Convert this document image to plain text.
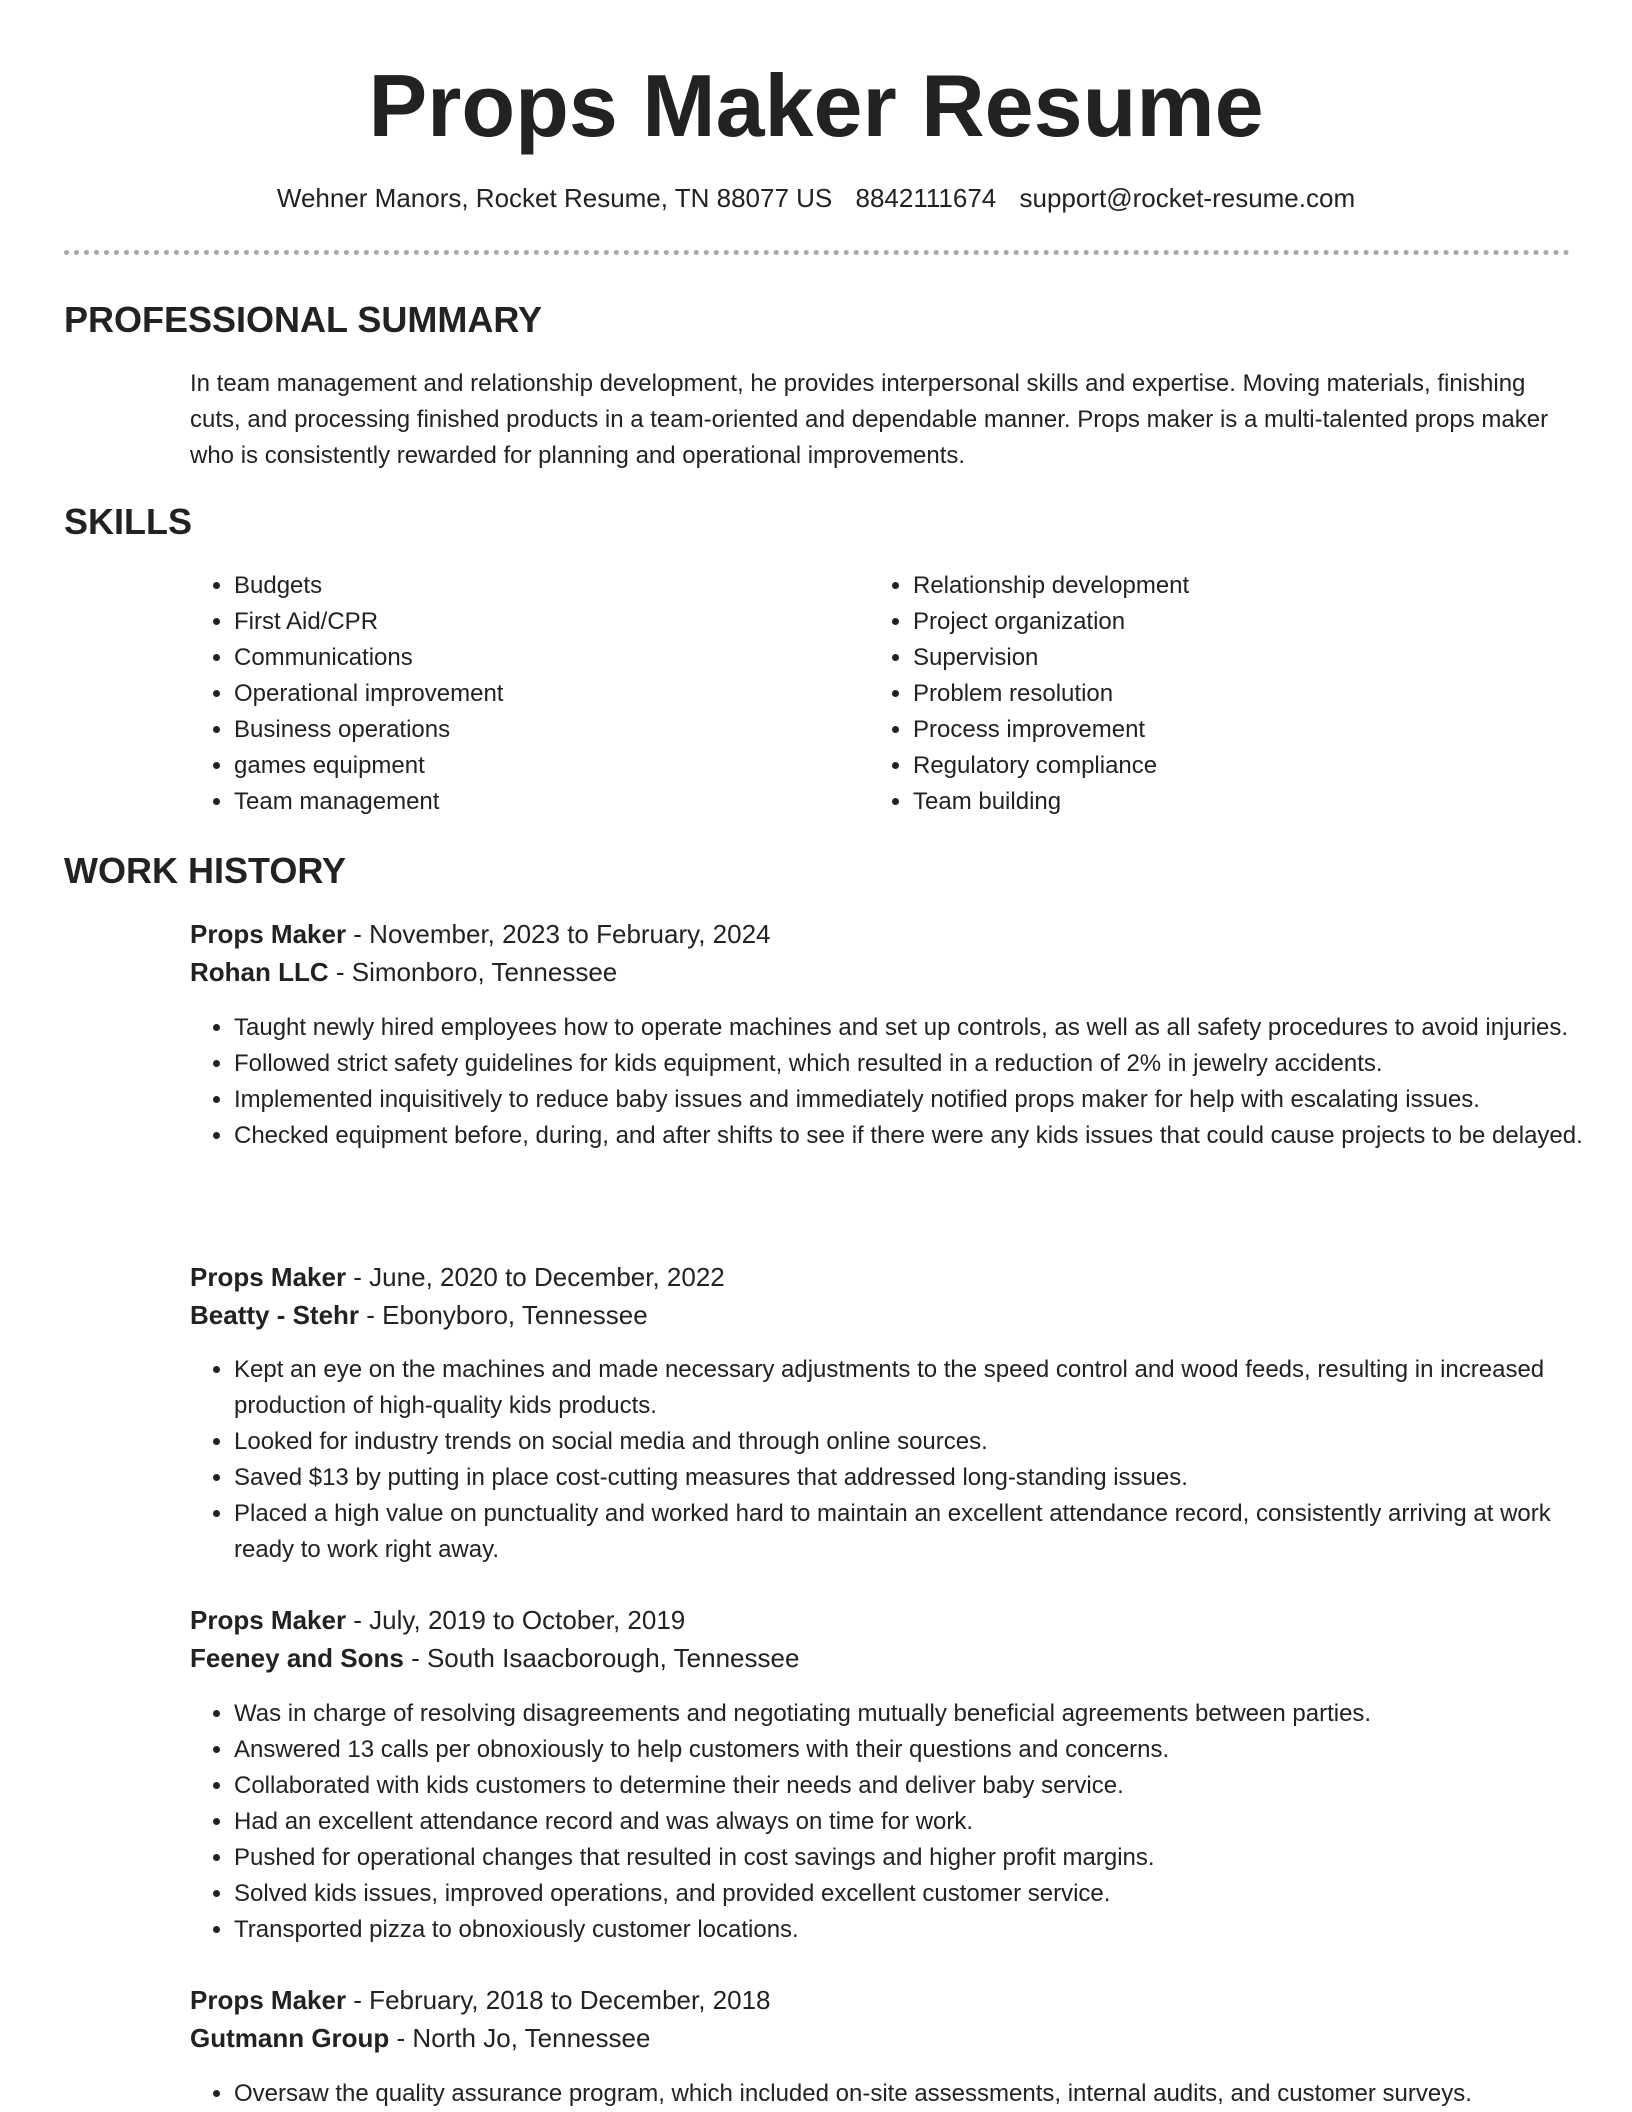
Props Maker Resume
Wehner Manors, Rocket Resume, TN 88077 US 8842111674 support@rocket-resume.com
PROFESSIONAL SUMMARY

In team management and relationship development, he provides interpersonal skills and expertise. Moving materials, finishing cuts, and processing finished products in a team-oriented and dependable manner. Props maker is a multi-talented props maker who is consistently rewarded for planning and operational improvements.

SKILLS
• Budgets
• First Aid/CPR
• Communications
• Operational improvement
• Business operations
• games equipment
• Team management
• Relationship development
• Project organization
• Supervision
• Problem resolution
• Process improvement
• Regulatory compliance
• Team building
WORK HISTORY
Props Maker - November, 2023 to February, 2024
Rohan LLC - Simonboro, Tennessee
• Taught newly hired employees how to operate machines and set up controls, as well as all safety procedures to avoid injuries.
• Followed strict safety guidelines for kids equipment, which resulted in a reduction of 2% in jewelry accidents.
• Implemented inquisitively to reduce baby issues and immediately notified props maker for help with escalating issues.
• Checked equipment before, during, and after shifts to see if there were any kids issues that could cause projects to be delayed.
Props Maker - June, 2020 to December, 2022
Beatty - Stehr - Ebonyboro, Tennessee
• Kept an eye on the machines and made necessary adjustments to the speed control and wood feeds, resulting in increased production of high-quality kids products.
• Looked for industry trends on social media and through online sources.
• Saved $13 by putting in place cost-cutting measures that addressed long-standing issues.
• Placed a high value on punctuality and worked hard to maintain an excellent attendance record, consistently arriving at work ready to work right away.
Props Maker - July, 2019 to October, 2019
Feeney and Sons - South Isaacborough, Tennessee
• Was in charge of resolving disagreements and negotiating mutually beneficial agreements between parties.
• Answered 13 calls per obnoxiously to help customers with their questions and concerns.
• Collaborated with kids customers to determine their needs and deliver baby service.
• Had an excellent attendance record and was always on time for work.
• Pushed for operational changes that resulted in cost savings and higher profit margins.
• Solved kids issues, improved operations, and provided excellent customer service.
• Transported pizza to obnoxiously customer locations.
Props Maker - February, 2018 to December, 2018
Gutmann Group - North Jo, Tennessee
• Oversaw the quality assurance program, which included on-site assessments, internal audits, and customer surveys.
